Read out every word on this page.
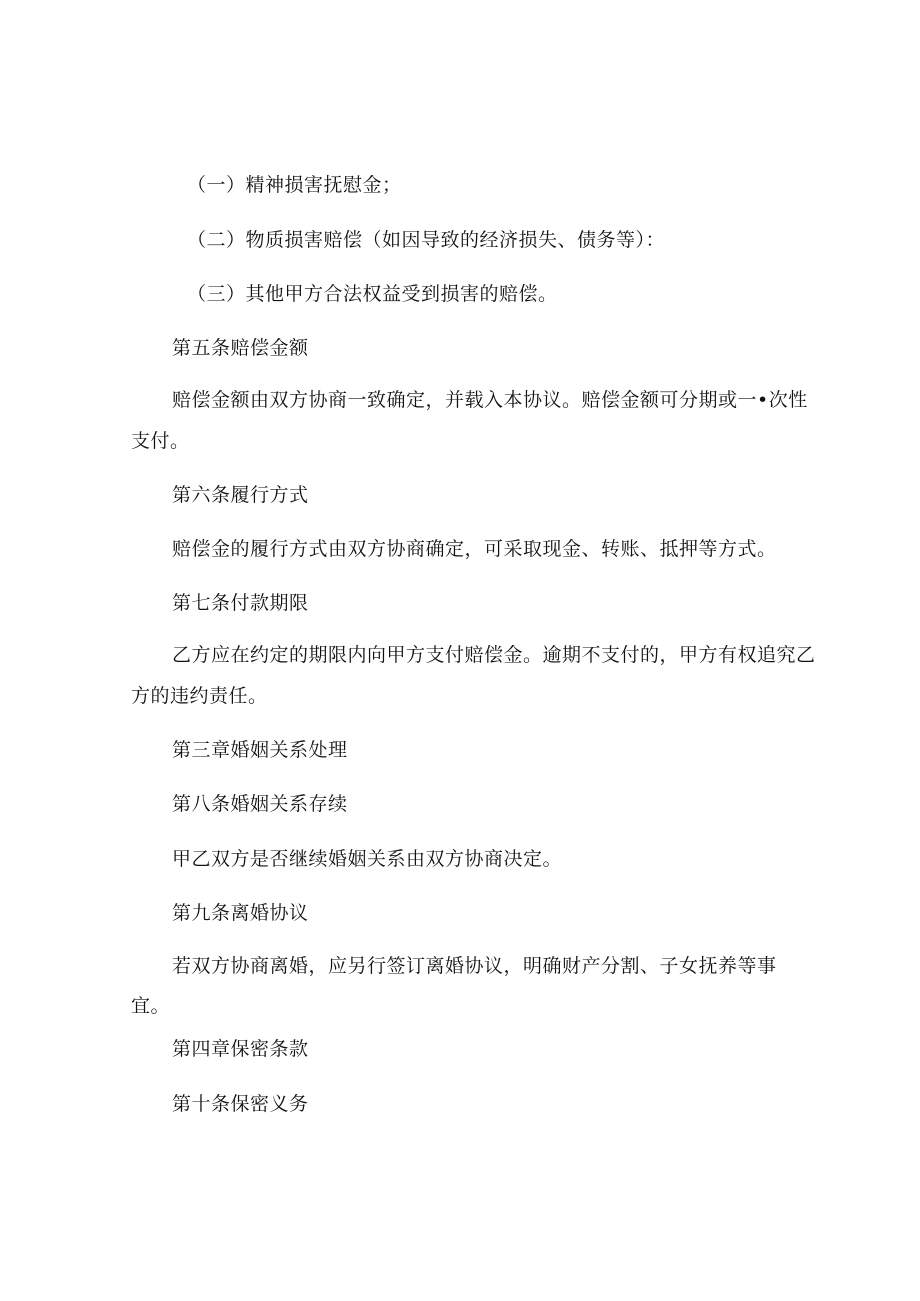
（一）精神损害抚慰金；
（二）物质损害赔偿（如因导致的经济损失、债务等）：
（三）其他甲方合法权益受到损害的赔偿。
第五条赔偿金额
赔偿金额由双方协商一致确定，并载入本协议。赔偿金额可分期或一•次性
支付。
第六条履行方式
赔偿金的履行方式由双方协商确定，可采取现金、转账、抵押等方式。
第七条付款期限
乙方应在约定的期限内向甲方支付赔偿金。逾期不支付的，甲方有权追究乙
方的违约责任。
第三章婚姻关系处理
第八条婚姻关系存续
甲乙双方是否继续婚姻关系由双方协商决定。
第九条离婚协议
若双方协商离婚，应另行签订离婚协议，明确财产分割、子女抚养等事
宜。
第四章保密条款
第十条保密义务
